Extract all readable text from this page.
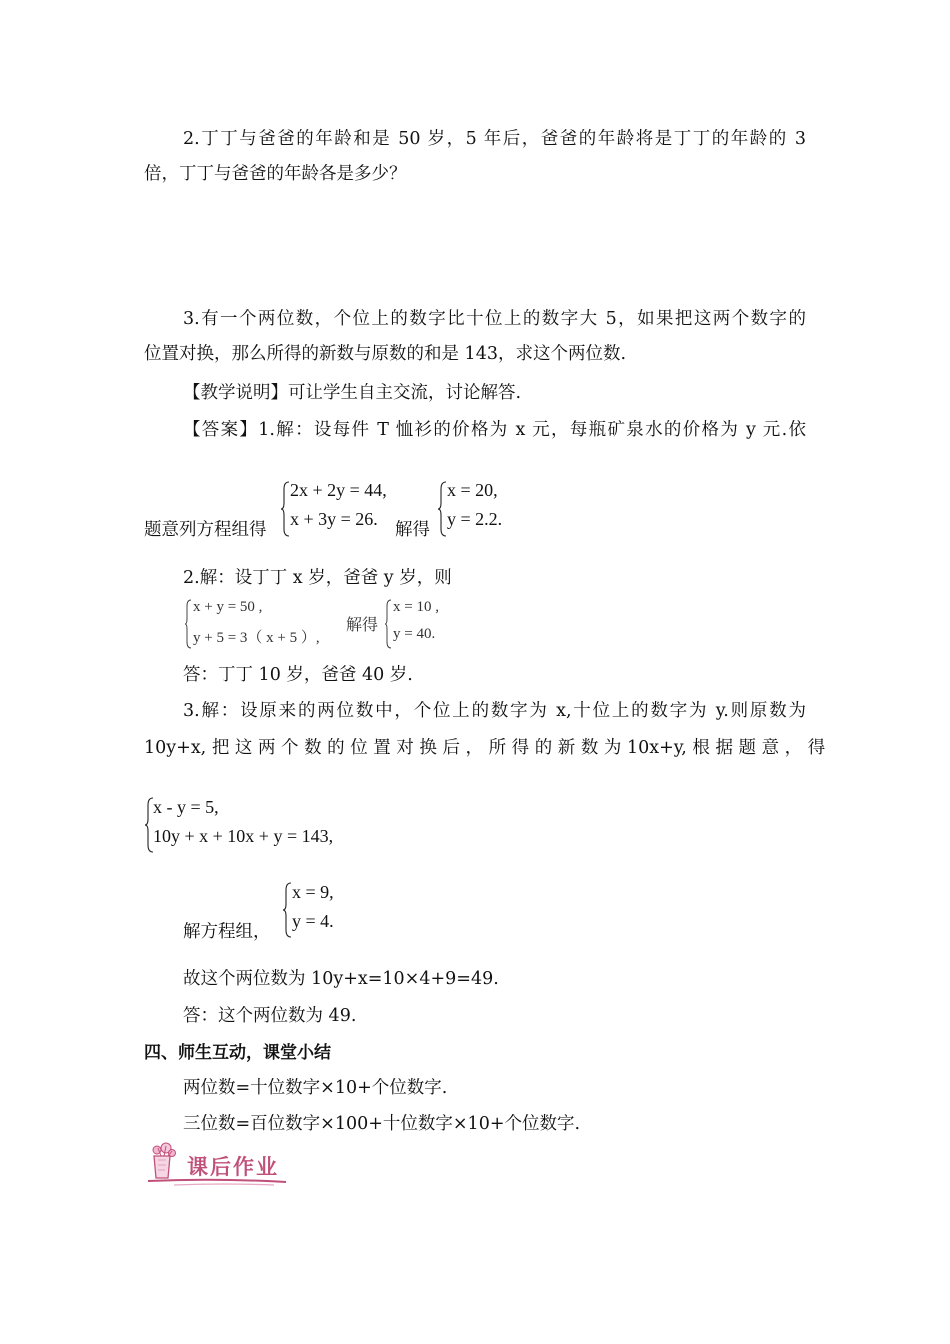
2.丁丁与爸爸的年龄和是 50 岁，5 年后，爸爸的年龄将是丁丁的年龄的 3
倍，丁丁与爸爸的年龄各是多少？
3.有一个两位数，个位上的数字比十位上的数字大 5，如果把这两个数字的
位置对换，那么所得的新数与原数的和是 143，求这个两位数.
【教学说明】可让学生自主交流，讨论解答.
【答案】1.解：设每件 T 恤衫的价格为 x 元，每瓶矿泉水的价格为 y 元.依
题意列方程组得
2x + 2y = 44,
x + 3y = 26.
解得
x = 20,
y = 2.2.
2.解：设丁丁 x 岁，爸爸 y 岁，则
x + y = 50 ,
y + 5 = 3（ x + 5 ）,
解得
x = 10 ,
y = 40.
答：丁丁 10 岁，爸爸 40 岁.
3.解：设原来的两位数中，个位上的数字为 x,十位上的数字为 y.则原数为
10y+x, 把 这 两 个 数 的 位 置 对 换 后 ， 所 得 的 新 数 为 10x+y, 根 据 题 意 ， 得
x - y = 5,
10y + x + 10x + y = 143,
解方程组，
x = 9,
y = 4.
故这个两位数为 10y+x=10×4+9=49.
答：这个两位数为 49.
四、师生互动，课堂小结
两位数=十位数字×10+个位数字.
三位数=百位数字×100+十位数字×10+个位数字.
课后作业
